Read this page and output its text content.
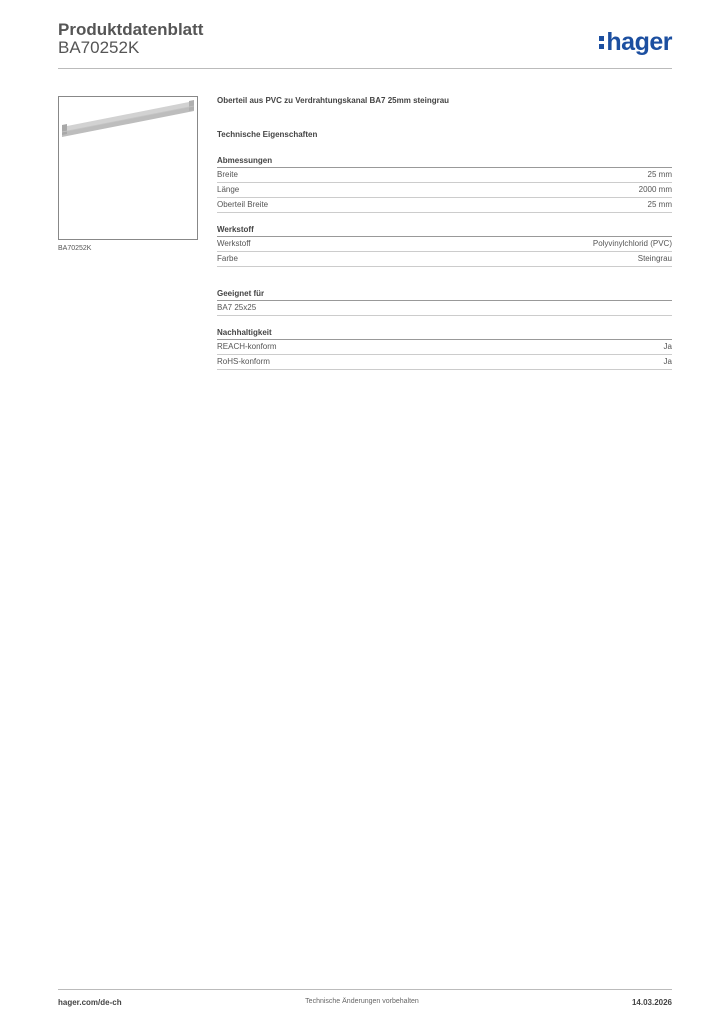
Produktdatenblatt
BA70252K	hager
BA70252K
Oberteil aus PVC zu Verdrahtungskanal BA7 25mm steingrau
Technische Eigenschaften
Abmessungen
Breite	25 mm
Länge	2000 mm
Oberteil Breite	25 mm
Werkstoff
Werkstoff	Polyvinylchlorid (PVC)
Farbe	Steingrau
Geeignet für
BA7 25x25
Nachhaltigkeit
REACH-konform	Ja
RoHS-konform	Ja
hager.com/de-ch	Technische Änderungen vorbehalten	14.03.2026
